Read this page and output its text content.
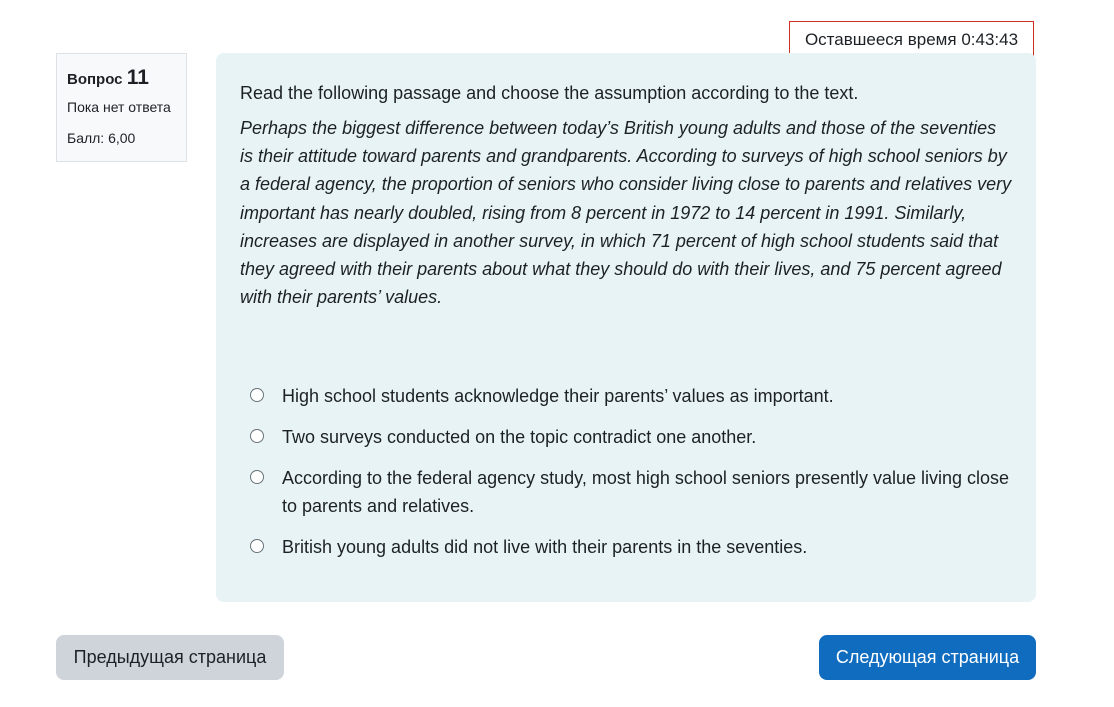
Оставшееся время
0:43:43
Вопрос 11
Пока нет ответа
Балл: 6,00
Read the following passage and choose the assumption according to the text.
Perhaps the biggest difference between today’s British young adults and those of the seventies is their attitude toward parents and grandparents. According to surveys of high school seniors by a federal agency, the proportion of seniors who consider living close to parents and relatives very important has nearly doubled, rising from 8 percent in 1972 to 14 percent in 1991. Similarly, increases are displayed in another survey, in which 71 percent of high school students said that they agreed with their parents about what they should do with their lives, and 75 percent agreed with their parents’ values.
High school students acknowledge their parents’ values as important.
Two surveys conducted on the topic contradict one another.
According to the federal agency study, most high school seniors presently value living close to parents and relatives.
British young adults did not live with their parents in the seventies.
Предыдущая страница	Следующая страница
